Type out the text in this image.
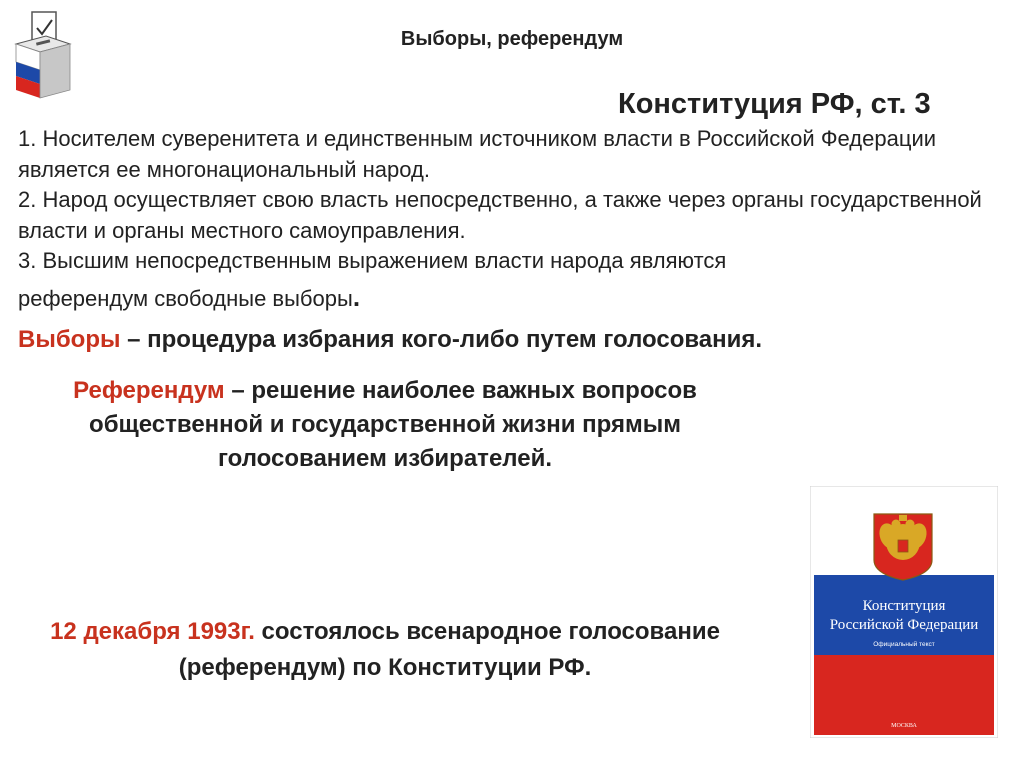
Выборы, референдум
Конституция РФ, ст. 3

1. Носителем суверенитета и единственным источником власти в Российской Федерации является ее многонациональный народ.

2. Народ осуществляет свою власть непосредственно, а также через органы государственной власти и органы местного самоуправления.

3. Высшим непосредственным выражением власти народа являются

референдум свободные выборы.

Выборы – процедура избрания кого-либо путем голосования.
Референдум – решение наиболее важных вопросов общественной и государственной жизни прямым голосованием избирателей.
12 декабря 1993г. состоялось всенародное голосование (референдум) по Конституции РФ.
Конституция
Российской Федерации
Официальный текст
МОСКВА
